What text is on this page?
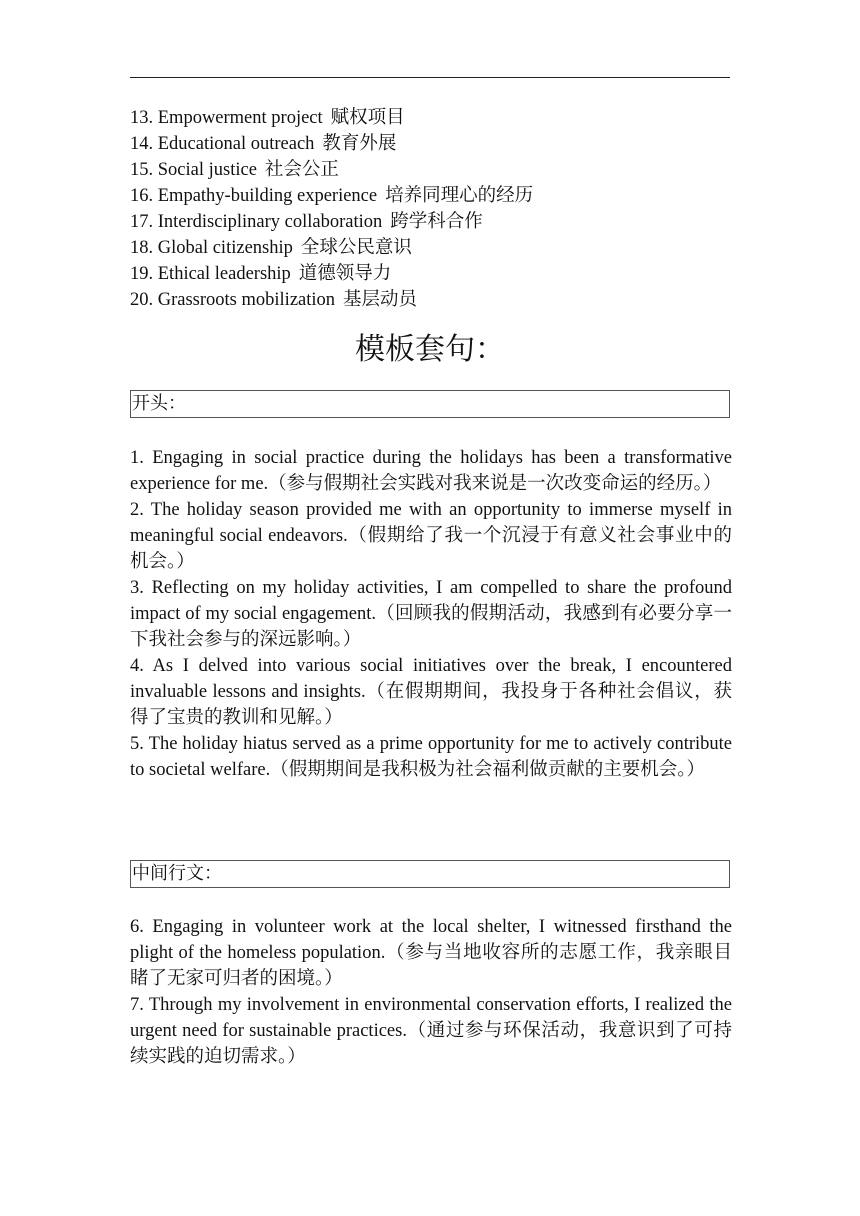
13. Empowerment project 赋权项目
14. Educational outreach 教育外展
15. Social justice 社会公正
16. Empathy-building experience 培养同理心的经历
17. Interdisciplinary collaboration 跨学科合作
18. Global citizenship 全球公民意识
19. Ethical leadership 道德领导力
20. Grassroots mobilization 基层动员
模板套句：
开头：
1. Engaging in social practice during the holidays has been a transformative experience for me.（参与假期社会实践对我来说是一次改变命运的经历。）
2. The holiday season provided me with an opportunity to immerse myself in meaningful social endeavors.（假期给了我一个沉浸于有意义社会事业中的机会。）
3. Reflecting on my holiday activities, I am compelled to share the profound impact of my social engagement.（回顾我的假期活动，我感到有必要分享一下我社会参与的深远影响。）
4. As I delved into various social initiatives over the break, I encountered invaluable lessons and insights.（在假期期间，我投身于各种社会倡议，获得了宝贵的教训和见解。）
5. The holiday hiatus served as a prime opportunity for me to actively contribute to societal welfare.（假期期间是我积极为社会福利做贡献的主要机会。）
中间行文：
6. Engaging in volunteer work at the local shelter, I witnessed firsthand the plight of the homeless population.（参与当地收容所的志愿工作，我亲眼目睹了无家可归者的困境。）
7. Through my involvement in environmental conservation efforts, I realized the urgent need for sustainable practices.（通过参与环保活动，我意识到了可持续实践的迫切需求。）
